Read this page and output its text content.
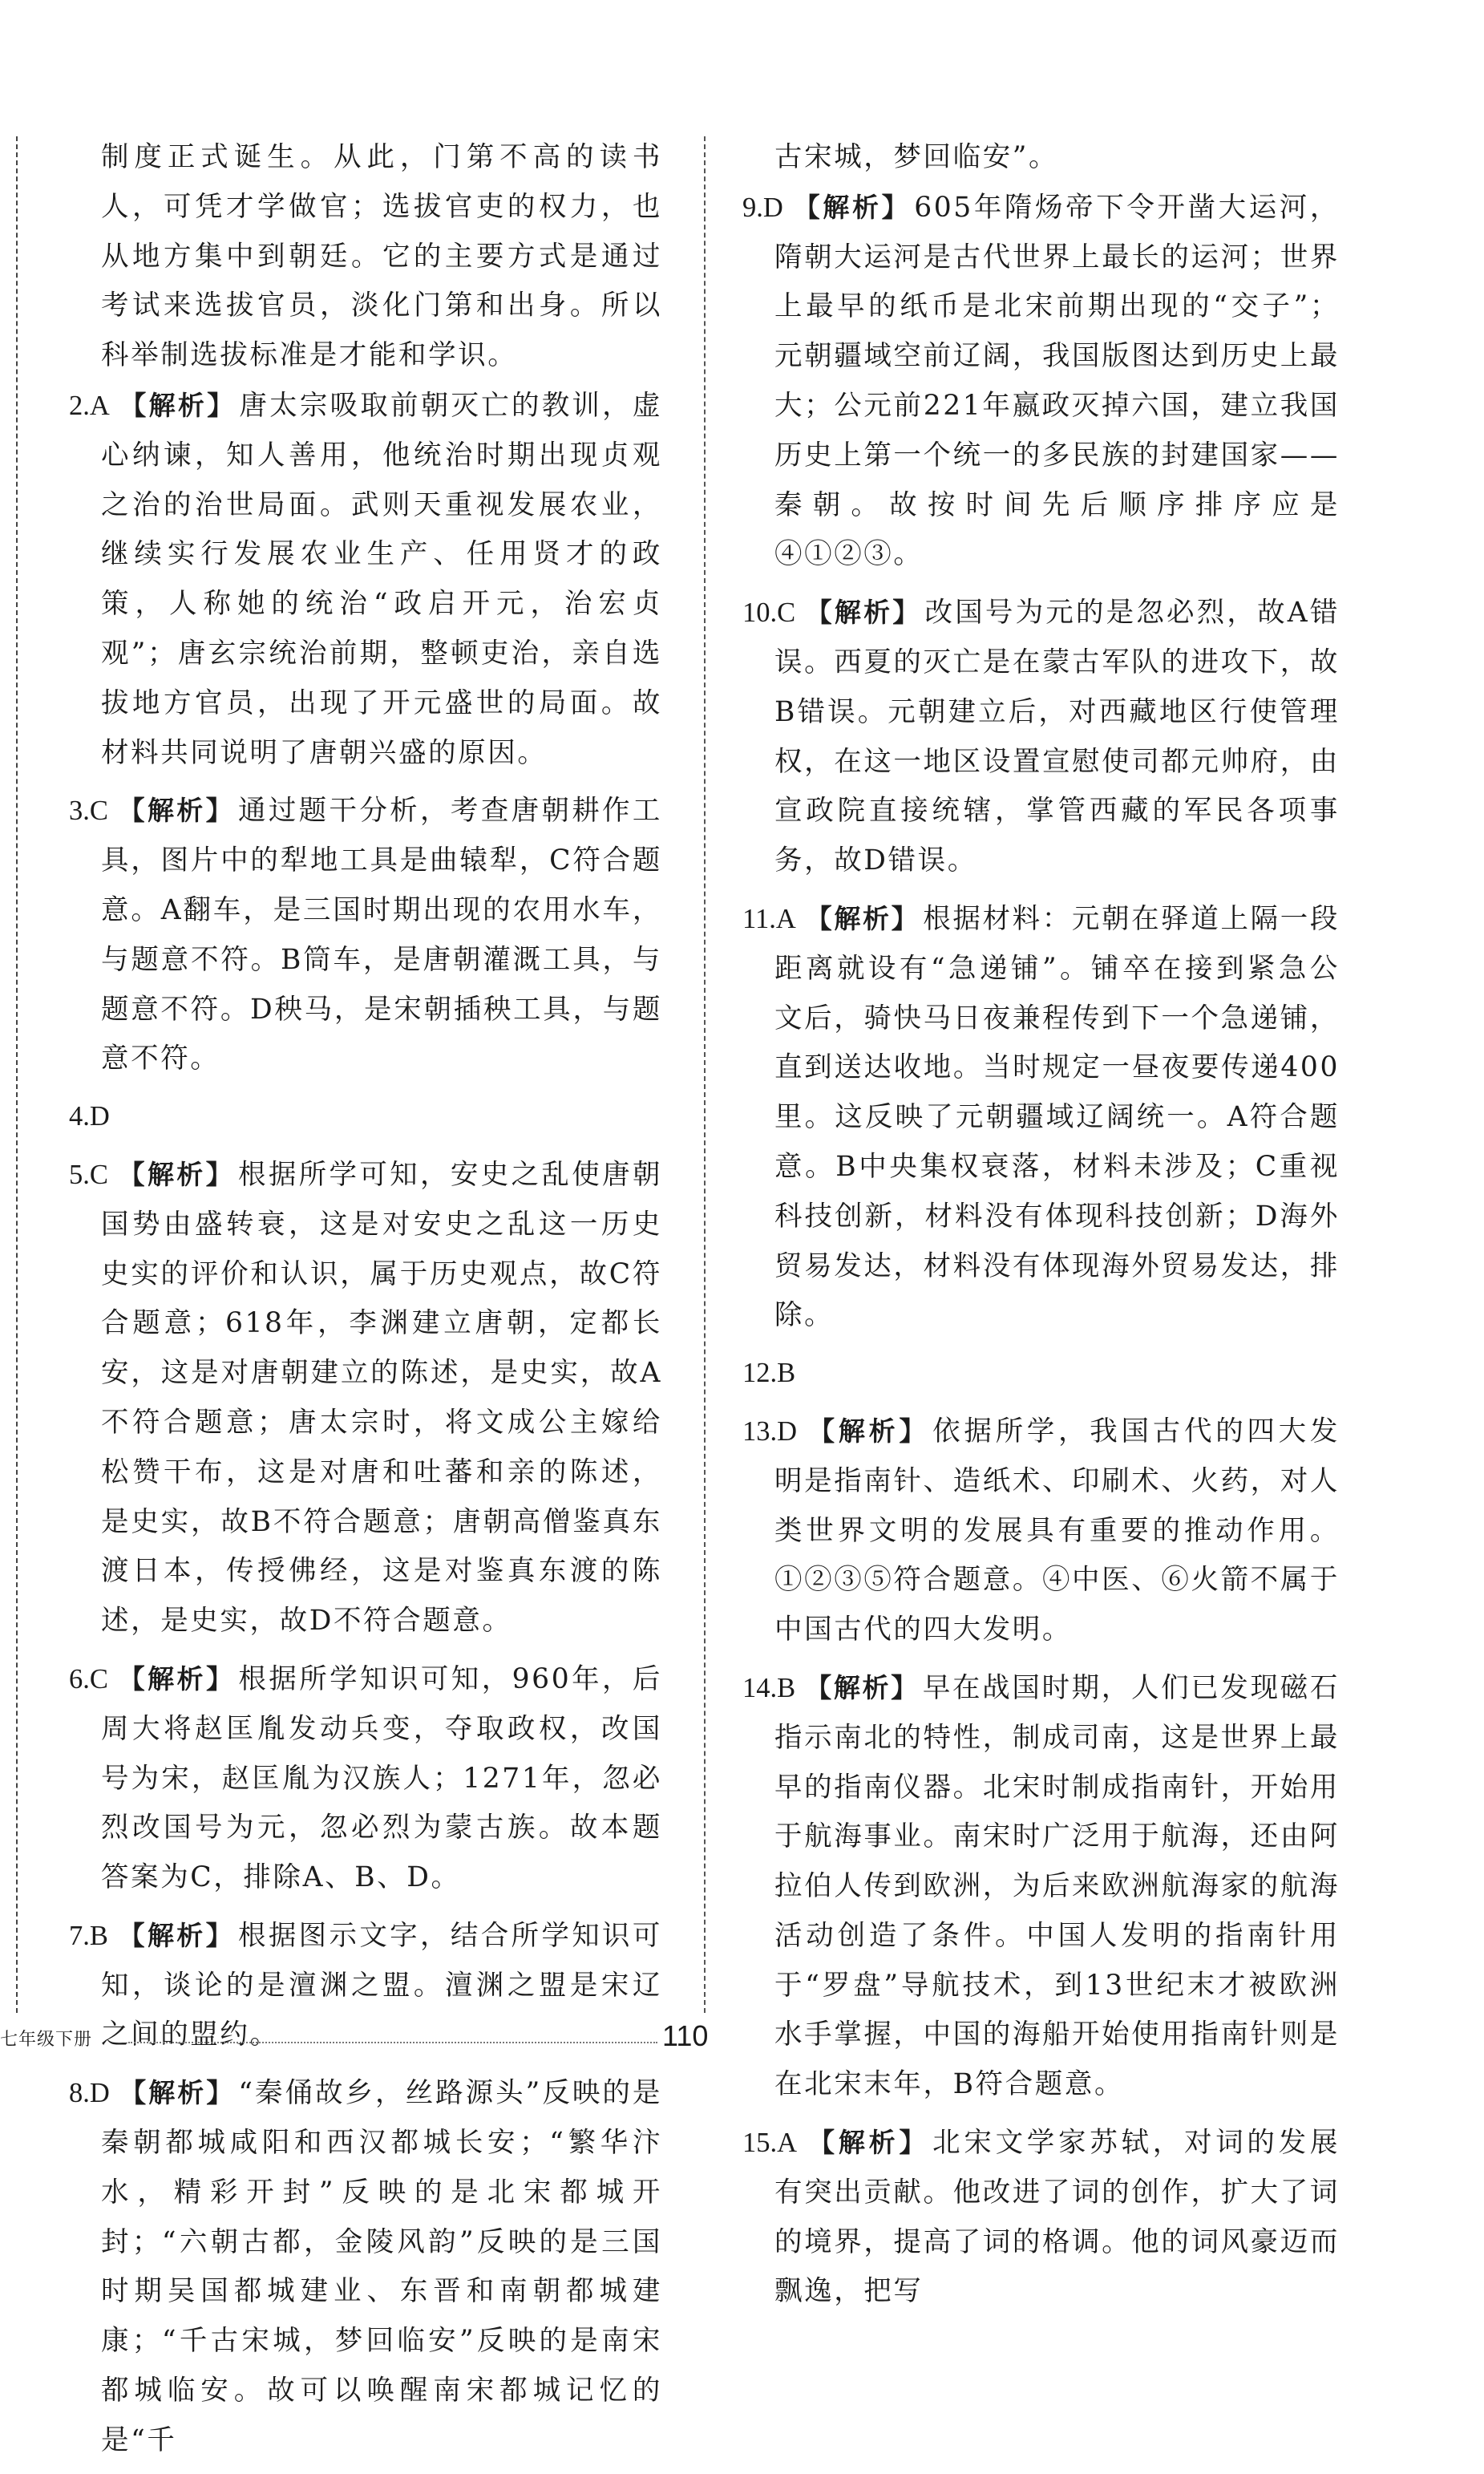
制度正式诞生。从此，门第不高的读书人，可凭才学做官；选拔官吏的权力，也从地方集中到朝廷。它的主要方式是通过考试来选拔官员，淡化门第和出身。所以科举制选拔标准是才能和学识。

2.A 【解析】 唐太宗吸取前朝灭亡的教训，虚心纳谏，知人善用，他统治时期出现贞观之治的治世局面。武则天重视发展农业，继续实行发展农业生产、任用贤才的政策，人称她的统治“政启开元，治宏贞观”；唐玄宗统治前期，整顿吏治，亲自选拔地方官员，出现了开元盛世的局面。故材料共同说明了唐朝兴盛的原因。

3.C 【解析】 通过题干分析，考查唐朝耕作工具，图片中的犁地工具是曲辕犁，C符合题意。A翻车，是三国时期出现的农用水车，与题意不符。B筒车，是唐朝灌溉工具，与题意不符。D秧马，是宋朝插秧工具，与题意不符。

4.D

5.C 【解析】 根据所学可知，安史之乱使唐朝国势由盛转衰，这是对安史之乱这一历史史实的评价和认识，属于历史观点，故C符合题意；618年，李渊建立唐朝，定都长安，这是对唐朝建立的陈述，是史实，故A不符合题意；唐太宗时，将文成公主嫁给松赞干布，这是对唐和吐蕃和亲的陈述，是史实，故B不符合题意；唐朝高僧鉴真东渡日本，传授佛经，这是对鉴真东渡的陈述，是史实，故D不符合题意。

6.C 【解析】 根据所学知识可知，960年，后周大将赵匡胤发动兵变，夺取政权，改国号为宋，赵匡胤为汉族人；1271年，忽必烈改国号为元，忽必烈为蒙古族。故本题答案为C，排除A、B、D。

7.B 【解析】 根据图示文字，结合所学知识可知，谈论的是澶渊之盟。澶渊之盟是宋辽之间的盟约。

8.D 【解析】 “秦俑故乡，丝路源头”反映的是秦朝都城咸阳和西汉都城长安；“繁华汴水，精彩开封”反映的是北宋都城开封；“六朝古都，金陵风韵”反映的是三国时期吴国都城建业、东晋和南朝都城建康；“千古宋城，梦回临安”反映的是南宋都城临安。故可以唤醒南宋都城记忆的是“千

古宋城，梦回临安”。

9.D 【解析】 605年隋炀帝下令开凿大运河，隋朝大运河是古代世界上最长的运河；世界上最早的纸币是北宋前期出现的“交子”；元朝疆域空前辽阔，我国版图达到历史上最大；公元前221年嬴政灭掉六国，建立我国历史上第一个统一的多民族的封建国家——秦朝。故按时间先后顺序排序应是④①②③。

10.C 【解析】 改国号为元的是忽必烈，故A错误。西夏的灭亡是在蒙古军队的进攻下，故B错误。元朝建立后，对西藏地区行使管理权，在这一地区设置宣慰使司都元帅府，由宣政院直接统辖，掌管西藏的军民各项事务，故D错误。

11.A 【解析】 根据材料：元朝在驿道上隔一段距离就设有“急递铺”。铺卒在接到紧急公文后，骑快马日夜兼程传到下一个急递铺，直到送达收地。当时规定一昼夜要传递400里。这反映了元朝疆域辽阔统一。A符合题意。B中央集权衰落，材料未涉及；C重视科技创新，材料没有体现科技创新；D海外贸易发达，材料没有体现海外贸易发达，排除。

12.B

13.D 【解析】 依据所学，我国古代的四大发明是指南针、造纸术、印刷术、火药，对人类世界文明的发展具有重要的推动作用。①②③⑤符合题意。④中医、⑥火箭不属于中国古代的四大发明。

14.B 【解析】 早在战国时期，人们已发现磁石指示南北的特性，制成司南，这是世界上最早的指南仪器。北宋时制成指南针，开始用于航海事业。南宋时广泛用于航海，还由阿拉伯人传到欧洲，为后来欧洲航海家的航海活动创造了条件。中国人发明的指南针用于“罗盘”导航技术，到13世纪末才被欧洲水手掌握，中国的海船开始使用指南针则是在北宋末年，B符合题意。

15.A 【解析】 北宋文学家苏轼，对词的发展有突出贡献。他改进了词的创作，扩大了词的境界，提高了词的格调。他的词风豪迈而飘逸，把写

七年级下册	110
